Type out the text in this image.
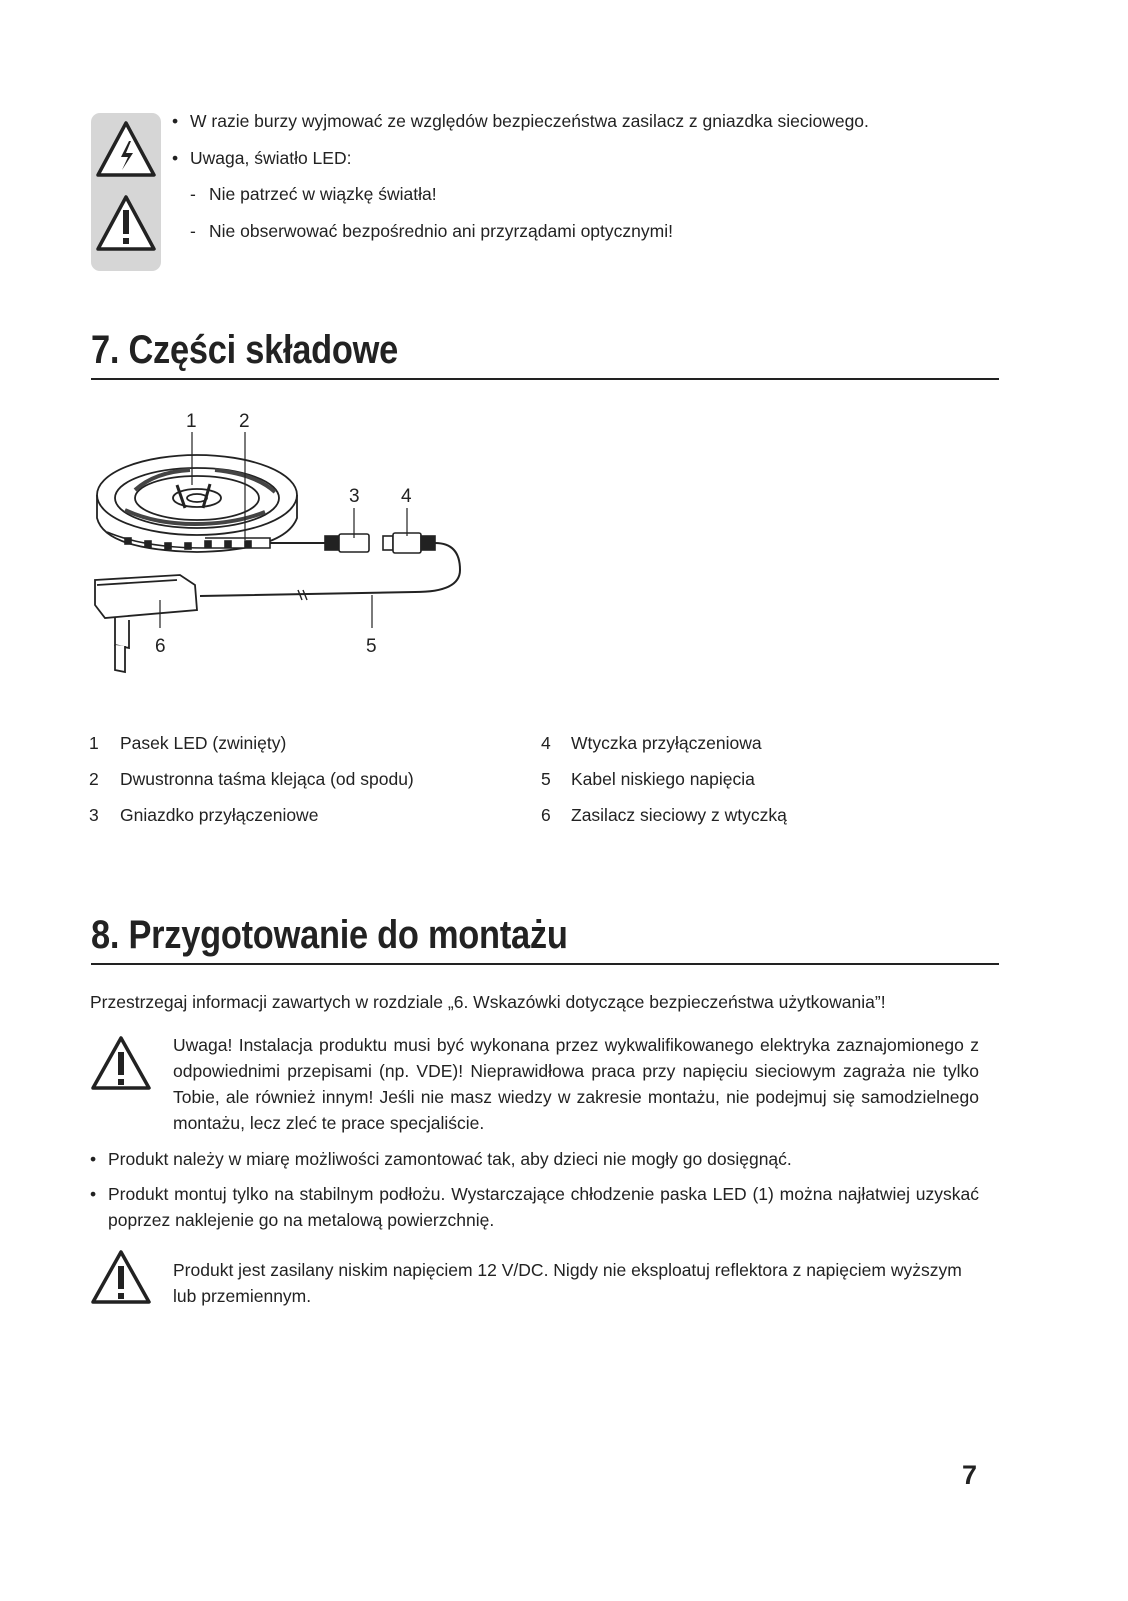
• W razie burzy wyjmować ze względów bezpieczeństwa zasilacz z gniazdka sieciowego.
• Uwaga, światło LED:
- Nie patrzeć w wiązkę światła!
- Nie obserwować bezpośrednio ani przyrządami optycznymi!
7. Części składowe
1 2
3 4
5
6
1 Pasek LED (zwinięty)
2 Dwustronna taśma klejąca (od spodu)
3 Gniazdko przyłączeniowe
4 Wtyczka przyłączeniowa
5 Kabel niskiego napięcia
6 Zasilacz sieciowy z wtyczką
8. Przygotowanie do montażu
Przestrzegaj informacji zawartych w rozdziale „6. Wskazówki dotyczące bezpieczeństwa użytkowania”!
Uwaga! Instalacja produktu musi być wykonana przez wykwalifikowanego elektryka zaznajomionego z odpowiednimi przepisami (np. VDE)! Nieprawidłowa praca przy napięciu sieciowym zagraża nie tylko Tobie, ale również innym! Jeśli nie masz wiedzy w zakresie montażu, nie podejmuj się samodzielnego montażu, lecz zleć te prace specjaliście.
• Produkt należy w miarę możliwości zamontować tak, aby dzieci nie mogły go dosięgnąć.
• Produkt montuj tylko na stabilnym podłożu. Wystarczające chłodzenie paska LED (1) można najłatwiej uzyskać poprzez naklejenie go na metalową powierzchnię.
Produkt jest zasilany niskim napięciem 12 V/DC. Nigdy nie eksploatuj reflektora z napięciem wyższym lub przemiennym.
7
